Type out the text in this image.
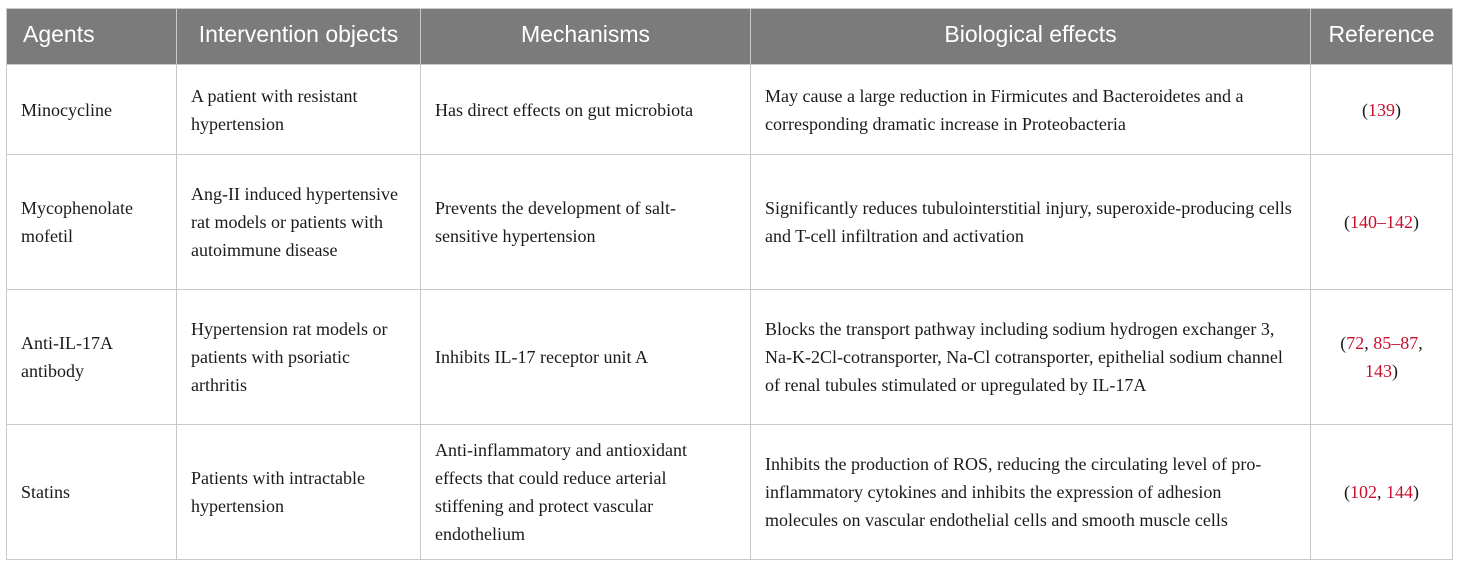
Agents	Intervention objects	Mechanisms	Biological effects	Reference
Minocycline	A patient with resistant hypertension	Has direct effects on gut microbiota	May cause a large reduction in Firmicutes and Bacteroidetes and a corresponding dramatic increase in Proteobacteria	(139)
Mycophenolate mofetil	Ang-II induced hypertensive rat models or patients with autoimmune disease	Prevents the development of salt-sensitive hypertension	Significantly reduces tubulointerstitial injury, superoxide-producing cells and T-cell infiltration and activation	(140–142)
Anti-IL-17A antibody	Hypertension rat models or patients with psoriatic arthritis	Inhibits IL-17 receptor unit A	Blocks the transport pathway including sodium hydrogen exchanger 3, Na-K-2Cl-cotransporter, Na-Cl cotransporter, epithelial sodium channel of renal tubules stimulated or upregulated by IL-17A	(72, 85–87, 143)
Statins	Patients with intractable hypertension	Anti-inflammatory and antioxidant effects that could reduce arterial stiffening and protect vascular endothelium	Inhibits the production of ROS, reducing the circulating level of pro-inflammatory cytokines and inhibits the expression of adhesion molecules on vascular endothelial cells and smooth muscle cells	(102, 144)
